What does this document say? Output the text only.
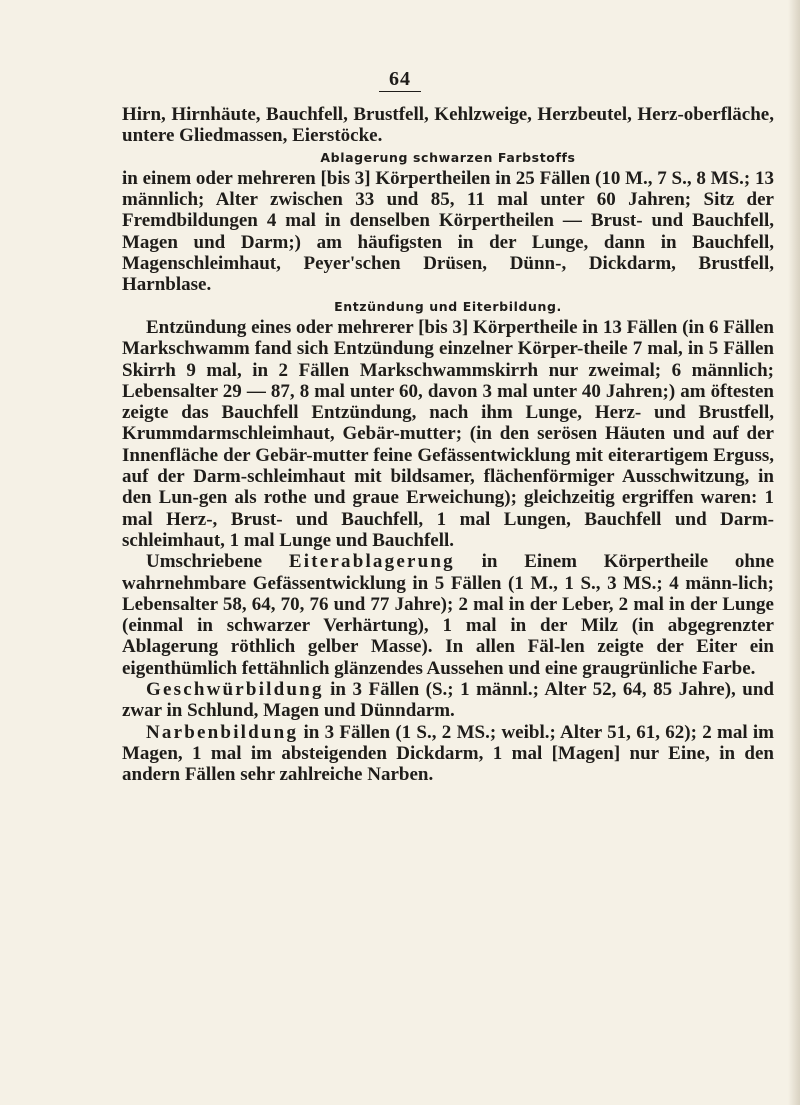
64

Hirn, Hirnhäute, Bauchfell, Brustfell, Kehlzweige, Herzbeutel, Herz-oberfläche, untere Gliedmassen, Eierstöcke.

Ablagerung schwarzen Farbstoffs

in einem oder mehreren [bis 3] Körpertheilen in 25 Fällen (10 M., 7 S., 8 MS.; 13 männlich; Alter zwischen 33 und 85, 11 mal unter 60 Jahren; Sitz der Fremdbildungen 4 mal in denselben Körpertheilen — Brust- und Bauchfell, Magen und Darm;) am häufigsten in der Lunge, dann in Bauchfell, Magenschleimhaut, Peyer'schen Drüsen, Dünn-, Dickdarm, Brustfell, Harnblase.

Entzündung und Eiterbildung.

Entzündung eines oder mehrerer [bis 3] Körpertheile in 13 Fällen (in 6 Fällen Markschwamm fand sich Entzündung einzelner Körper-theile 7 mal, in 5 Fällen Skirrh 9 mal, in 2 Fällen Markschwammskirrh nur zweimal; 6 männlich; Lebensalter 29 — 87, 8 mal unter 60, davon 3 mal unter 40 Jahren;) am öftesten zeigte das Bauchfell Entzündung, nach ihm Lunge, Herz- und Brustfell, Krummdarmschleimhaut, Gebär-mutter; (in den serösen Häuten und auf der Innenfläche der Gebär-mutter feine Gefässentwicklung mit eiterartigem Erguss, auf der Darm-schleimhaut mit bildsamer, flächenförmiger Ausschwitzung, in den Lun-gen als rothe und graue Erweichung); gleichzeitig ergriffen waren: 1 mal Herz-, Brust- und Bauchfell, 1 mal Lungen, Bauchfell und Darm-schleimhaut, 1 mal Lunge und Bauchfell.

Umschriebene Eiterablagerung in Einem Körpertheile ohne wahrnehmbare Gefässentwicklung in 5 Fällen (1 M., 1 S., 3 MS.; 4 männ-lich; Lebensalter 58, 64, 70, 76 und 77 Jahre); 2 mal in der Leber, 2 mal in der Lunge (einmal in schwarzer Verhärtung), 1 mal in der Milz (in abgegrenzter Ablagerung röthlich gelber Masse). In allen Fäl-len zeigte der Eiter ein eigenthümlich fettähnlich glänzendes Aussehen und eine graugrünliche Farbe.

Geschwürbildung in 3 Fällen (S.; 1 männl.; Alter 52, 64, 85 Jahre), und zwar in Schlund, Magen und Dünndarm.

Narbenbildung in 3 Fällen (1 S., 2 MS.; weibl.; Alter 51, 61, 62); 2 mal im Magen, 1 mal im absteigenden Dickdarm, 1 mal [Magen] nur Eine, in den andern Fällen sehr zahlreiche Narben.
